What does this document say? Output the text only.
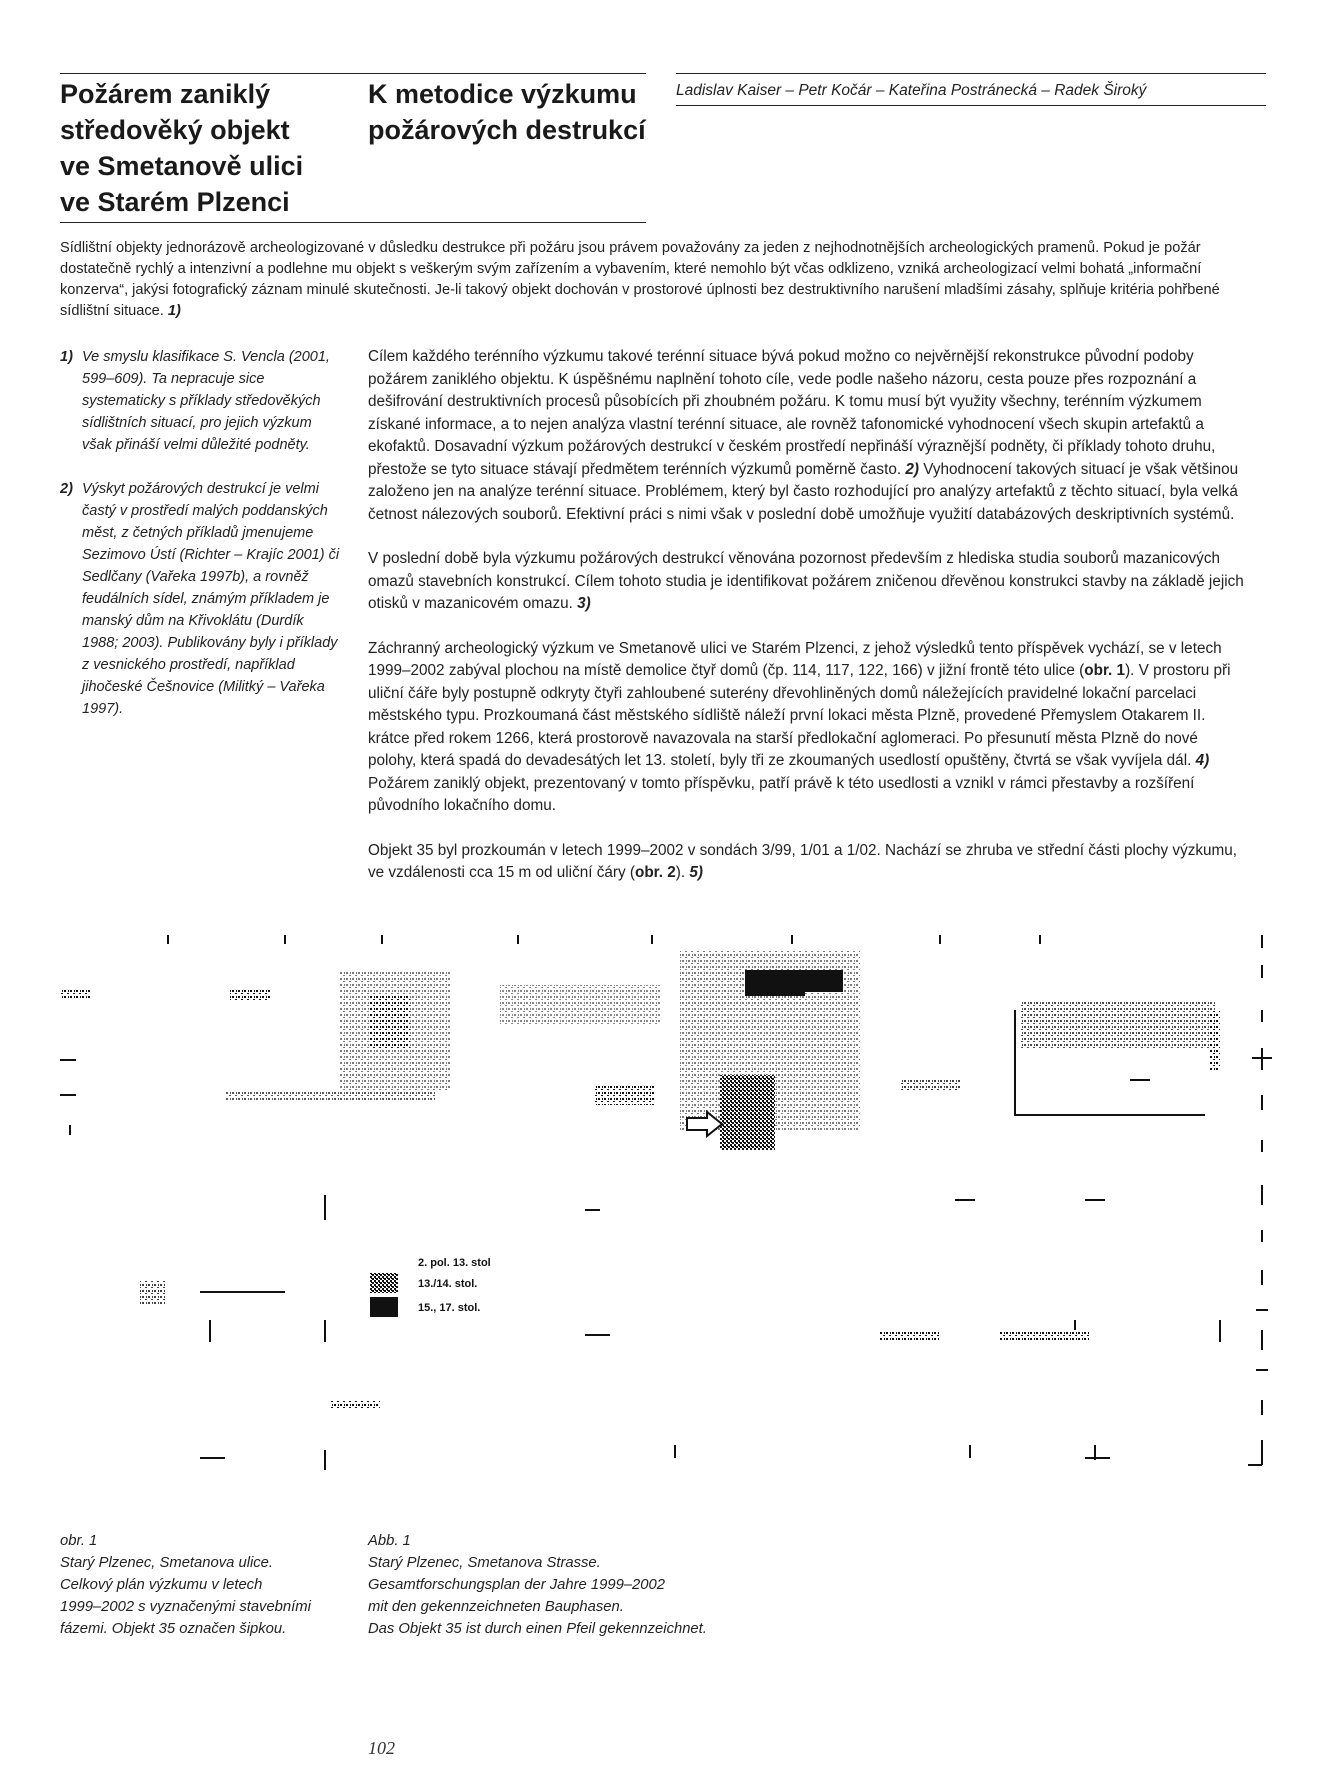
Požárem zaniklý
středověký objekt
ve Smetanově ulici
ve Starém Plzenci
K metodice výzkumu
požárových destrukcí
Ladislav Kaiser – Petr Kočár – Kateřina Postránecká – Radek Široký

Sídlištní objekty jednorázově archeologizované v důsledku destrukce při požáru jsou právem považovány za jeden z nejhodnotnějších archeologických pramenů. Pokud je požár dostatečně rychlý a intenzivní a podlehne mu objekt s veškerým svým zařízením a vybavením, které nemohlo být včas odklizeno, vzniká archeologizací velmi bohatá „informační konzerva“, jakýsi fotografický záznam minulé skutečnosti. Je-li takový objekt dochován v prostorové úplnosti bez destruktivního narušení mladšími zásahy, splňuje kritéria pohřbené sídlištní situace. 1)

1) Ve smyslu klasifikace S. Vencla (2001, 599–609). Ta nepracuje sice systematicky s příklady středověkých sídlištních situací, pro jejich výzkum však přináší velmi důležité podněty.
2) Výskyt požárových destrukcí je velmi častý v prostředí malých poddanských měst, z četných příkladů jmenujeme Sezimovo Ústí (Richter – Krajíc 2001) či Sedlčany (Vařeka 1997b), a rovněž feudálních sídel, známým příkladem je manský dům na Křivoklátu (Durdík 1988; 2003). Publikovány byly i příklady z vesnického prostředí, například jihočeské Češnovice (Militký – Vařeka 1997).

Cílem každého terénního výzkumu takové terénní situace bývá pokud možno co nejvěrnější rekonstrukce původní podoby požárem zaniklého objektu. K úspěšnému naplnění tohoto cíle, vede podle našeho názoru, cesta pouze přes rozpoznání a dešifrování destruktivních procesů působících při zhoubném požáru. K tomu musí být využity všechny, terénním výzkumem získané informace, a to nejen analýza vlastní terénní situace, ale rovněž tafonomické vyhodnocení všech skupin artefaktů a ekofaktů. Dosavadní výzkum požárových destrukcí v českém prostředí nepřináší výraznější podněty, či příklady tohoto druhu, přestože se tyto situace stávají předmětem terénních výzkumů poměrně často. 2) Vyhodnocení takových situací je však většinou založeno jen na analýze terénní situace. Problémem, který byl často rozhodující pro analýzy artefaktů z těchto situací, byla velká četnost nálezových souborů. Efektivní práci s nimi však v poslední době umožňuje využití databázových deskriptivních systémů.

V poslední době byla výzkumu požárových destrukcí věnována pozornost především z hlediska studia souborů mazanicových omazů stavebních konstrukcí. Cílem tohoto studia je identifikovat požárem zničenou dřevěnou konstrukci stavby na základě jejich otisků v mazanicovém omazu. 3)

Záchranný archeologický výzkum ve Smetanově ulici ve Starém Plzenci, z jehož výsledků tento příspěvek vychází, se v letech 1999–2002 zabýval plochou na místě demolice čtyř domů (čp. 114, 117, 122, 166) v jižní frontě této ulice (obr. 1). V prostoru při uliční čáře byly postupně odkryty čtyři zahloubené suterény dřevohliněných domů náležejících pravidelné lokační parcelaci městského typu. Prozkoumaná část městského sídliště náleží první lokaci města Plzně, provedené Přemyslem Otakarem II. krátce před rokem 1266, která prostorově navazovala na starší předlokační aglomeraci. Po přesunutí města Plzně do nové polohy, která spadá do devadesátých let 13. století, byly tři ze zkoumaných usedlostí opuštěny, čtvrtá se však vyvíjela dál. 4) Požárem zaniklý objekt, prezentovaný v tomto příspěvku, patří právě k této usedlosti a vznikl v rámci přestavby a rozšíření původního lokačního domu.

Objekt 35 byl prozkoumán v letech 1999–2002 v sondách 3/99, 1/01 a 1/02. Nachází se zhruba ve střední části plochy výzkumu, ve vzdálenosti cca 15 m od uliční čáry (obr. 2). 5)

2. pol. 13. stol
13./14. stol.
15., 17. stol.
obr. 1
Starý Plzenec, Smetanova ulice.
Celkový plán výzkumu v letech
1999–2002 s vyznačenými stavebními
fázemi. Objekt 35 označen šipkou.
Abb. 1
Starý Plzenec, Smetanova Strasse.
Gesamtforschungsplan der Jahre 1999–2002
mit den gekennzeichneten Bauphasen.
Das Objekt 35 ist durch einen Pfeil gekennzeichnet.
102
